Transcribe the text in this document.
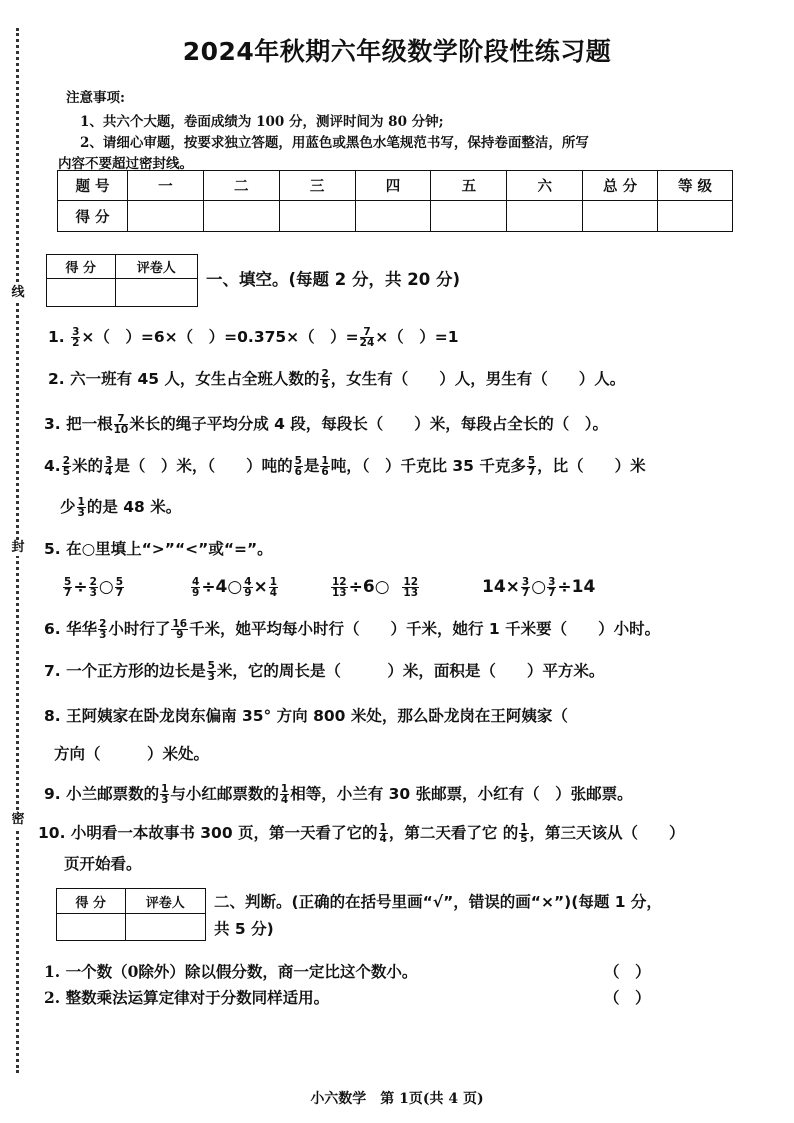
线
封
密
2024年秋期六年级数学阶段性练习题
注意事项:
1、共六个大题，卷面成绩为 100 分，测评时间为 80 分钟;
2、请细心审题，按要求独立答题，用蓝色或黑色水笔规范书写，保持卷面整洁，所写
内容不要超过密封线。
题 号	一	二	三	四	五	六	总 分	等 级
得 分								
得 分	评卷人

一、填空。(每题 2 分，共 20 分)
1. $\frac{3}{2}$ ×（　）=6×（　）=0.375×（　）= $\frac{7}{24}$ ×（　）=1
2. 六一班有 45 人，女生占全班人数的 $\frac{2}{5}$ ，女生有（　　）人，男生有（　　）人。
3. 把一根 $\frac{7}{10}$ 米长的绳子平均分成 4 段，每段长（　　）米，每段占全长的（　）。
4. $\frac{2}{5}$ 米的 $\frac{3}{4}$ 是（　）米，（　　）吨的 $\frac{5}{6}$ 是 $\frac{1}{6}$ 吨，（　）千克比 35 千克多 $\frac{5}{7}$ ，比（　　）米
少 $\frac{1}{3}$ 的是 48 米。
5. 在○里填上“>”“<”或“=”。
$\frac{5}{7} \div \frac{2}{3}$ ○ $\frac{5}{7}$	$\frac{4}{9}$ ÷4○ $\frac{4}{9} \times \frac{1}{4}$	$\frac{12}{13}$ ÷6○ $\frac{12}{13}$	$14\times \frac{3}{7}$ ○ $\frac{3}{7} \div 14$
6. 华华 $\frac{2}{3}$ 小时行了 $\frac{16}{9}$ 千米，她平均每小时行（　　）千米，她行 1 千米要（　　）小时。
7. 一个正方形的边长是 $\frac{5}{3}$ 米，它的周长是（　　　）米，面积是（　　）平方米。
8. 王阿姨家在卧龙岗东偏南 35° 方向 800 米处，那么卧龙岗在王阿姨家（
方向（　　　）米处。
9. 小兰邮票数的 $\frac{1}{3}$ 与小红邮票数的 $\frac{1}{4}$ 相等，小兰有 30 张邮票，小红有（　）张邮票。
10. 小明看一本故事书 300 页，第一天看了它的 $\frac{1}{4}$ ，第二天看了它 的 $\frac{1}{5}$ ，第三天该从（　　）
页开始看。
得 分	评卷人
	二、判断。(正确的在括号里画“√”，错误的画“×”)(每题 1 分，
共 5 分)
1. 一个数（0除外）除以假分数，商一定比这个数小。	（　）
2. 整数乘法运算定律对于分数同样适用。	（　）
小六数学　第 1页(共 4 页)
